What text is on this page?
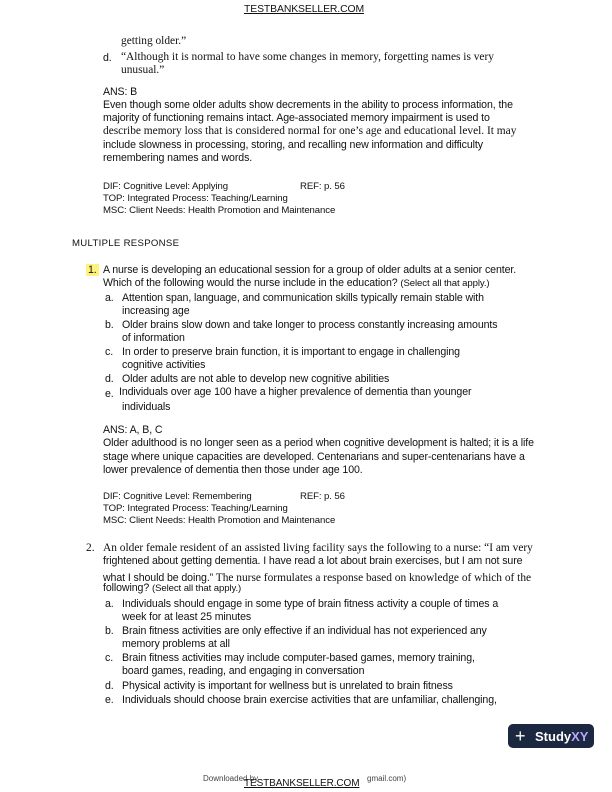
TESTBANKSELLER.COM
getting older.”
d. “Although it is normal to have some changes in memory, forgetting names is very
unusual.”
ANS: B
Even though some older adults show decrements in the ability to process information, the
majority of functioning remains intact. Age-associated memory impairment is used to
describe memory loss that is considered normal for one’s age and educational level. It may
include slowness in processing, storing, and recalling new information and difficulty
remembering names and words.
DIF: Cognitive Level: Applying	REF: p. 56
TOP: Integrated Process: Teaching/Learning
MSC: Client Needs: Health Promotion and Maintenance
MULTIPLE RESPONSE
1. A nurse is developing an educational session for a group of older adults at a senior center.
Which of the following would the nurse include in the education? (Select all that apply.)
a. Attention span, language, and communication skills typically remain stable with
increasing age
b. Older brains slow down and take longer to process constantly increasing amounts
of information
c. In order to preserve brain function, it is important to engage in challenging
cognitive activities
d. Older adults are not able to develop new cognitive abilities
e. Individuals over age 100 have a higher prevalence of dementia than younger
individuals
ANS: A, B, C
Older adulthood is no longer seen as a period when cognitive development is halted; it is a life
stage where unique capacities are developed. Centenarians and super-centenarians have a
lower prevalence of dementia then those under age 100.
DIF: Cognitive Level: Remembering	REF: p. 56
TOP: Integrated Process: Teaching/Learning
MSC: Client Needs: Health Promotion and Maintenance
2. An older female resident of an assisted living facility says the following to a nurse: “I am very
frightened about getting dementia. I have read a lot about brain exercises, but I am not sure
what I should be doing.” The nurse formulates a response based on knowledge of which of the
following? (Select all that apply.)
a. Individuals should engage in some type of brain fitness activity a couple of times a
week for at least 25 minutes
b. Brain fitness activities are only effective if an individual has not experienced any
memory problems at all
c. Brain fitness activities may include computer-based games, memory training,
board games, reading, and engaging in conversation
d. Physical activity is important for wellness but is unrelated to brain fitness
e. Individuals should choose brain exercise activities that are unfamiliar, challenging,
+ StudyXY
Downloaded by	gmail.com)
TESTBANKSELLER.COM
